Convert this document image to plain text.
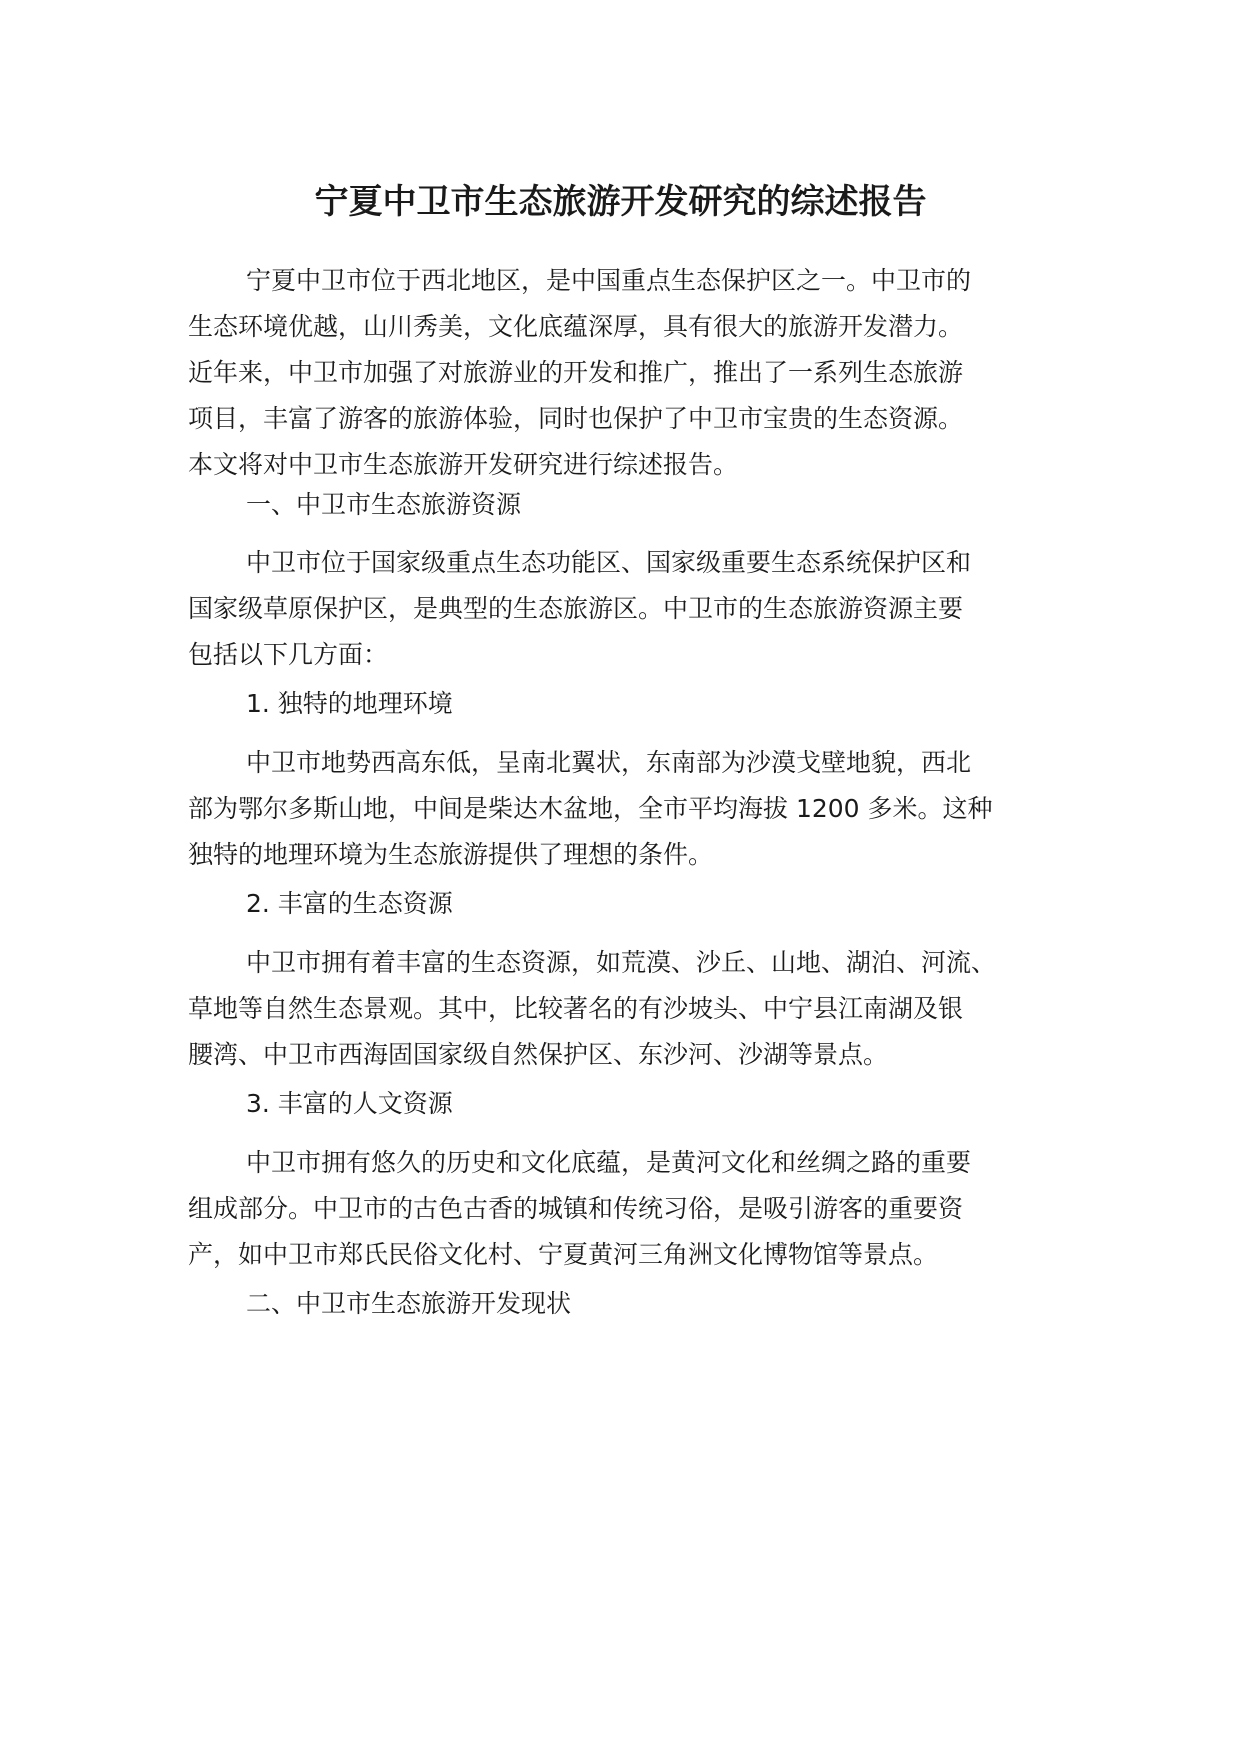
宁夏中卫市生态旅游开发研究的综述报告
宁夏中卫市位于西北地区，是中国重点生态保护区之一。中卫市的
生态环境优越，山川秀美，文化底蕴深厚，具有很大的旅游开发潜力。
近年来，中卫市加强了对旅游业的开发和推广，推出了一系列生态旅游
项目，丰富了游客的旅游体验，同时也保护了中卫市宝贵的生态资源。
本文将对中卫市生态旅游开发研究进行综述报告。
一、中卫市生态旅游资源
中卫市位于国家级重点生态功能区、国家级重要生态系统保护区和
国家级草原保护区，是典型的生态旅游区。中卫市的生态旅游资源主要
包括以下几方面：
1. 独特的地理环境
中卫市地势西高东低，呈南北翼状，东南部为沙漠戈壁地貌，西北
部为鄂尔多斯山地，中间是柴达木盆地，全市平均海拔 1200 多米。这种
独特的地理环境为生态旅游提供了理想的条件。
2. 丰富的生态资源
中卫市拥有着丰富的生态资源，如荒漠、沙丘、山地、湖泊、河流、
草地等自然生态景观。其中，比较著名的有沙坡头、中宁县江南湖及银
腰湾、中卫市西海固国家级自然保护区、东沙河、沙湖等景点。
3. 丰富的人文资源
中卫市拥有悠久的历史和文化底蕴，是黄河文化和丝绸之路的重要
组成部分。中卫市的古色古香的城镇和传统习俗，是吸引游客的重要资
产，如中卫市郑氏民俗文化村、宁夏黄河三角洲文化博物馆等景点。
二、中卫市生态旅游开发现状
